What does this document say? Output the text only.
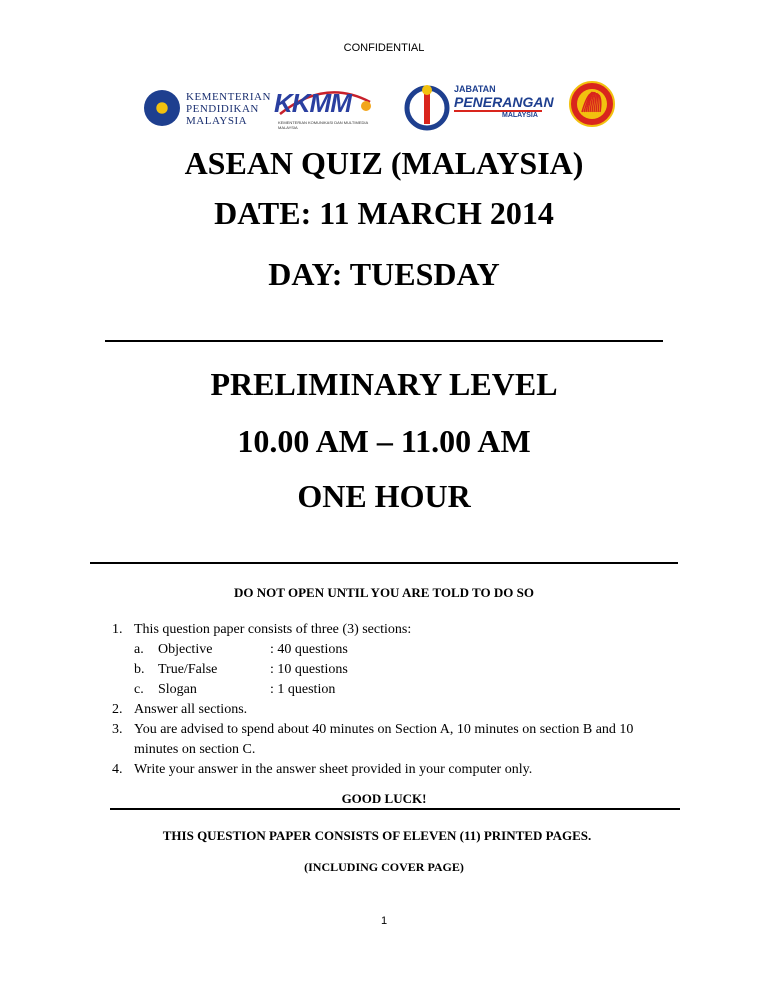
CONFIDENTIAL
KEMENTERIAN
PENDIDIKAN
MALAYSIA
KKMM
KEMENTERIAN KOMUNIKASI DAN MULTIMEDIA MALAYSIA
JABATAN
PENERANGAN
MALAYSIA
ASEAN QUIZ (MALAYSIA)
DATE: 11 MARCH 2014
DAY: TUESDAY
PRELIMINARY LEVEL
10.00 AM – 11.00 AM
ONE HOUR
DO NOT OPEN UNTIL YOU ARE TOLD TO DO SO
1. This question paper consists of three (3) sections:
a. Objective	: 40 questions
b. True/False	: 10 questions
c. Slogan	: 1 question
2. Answer all sections.
3. You are advised to spend about 40 minutes on Section A, 10 minutes on section B and 10
minutes on section C.
4. Write your answer in the answer sheet provided in your computer only.
GOOD LUCK!
THIS QUESTION PAPER CONSISTS OF ELEVEN (11) PRINTED PAGES.
(INCLUDING COVER PAGE)
1
